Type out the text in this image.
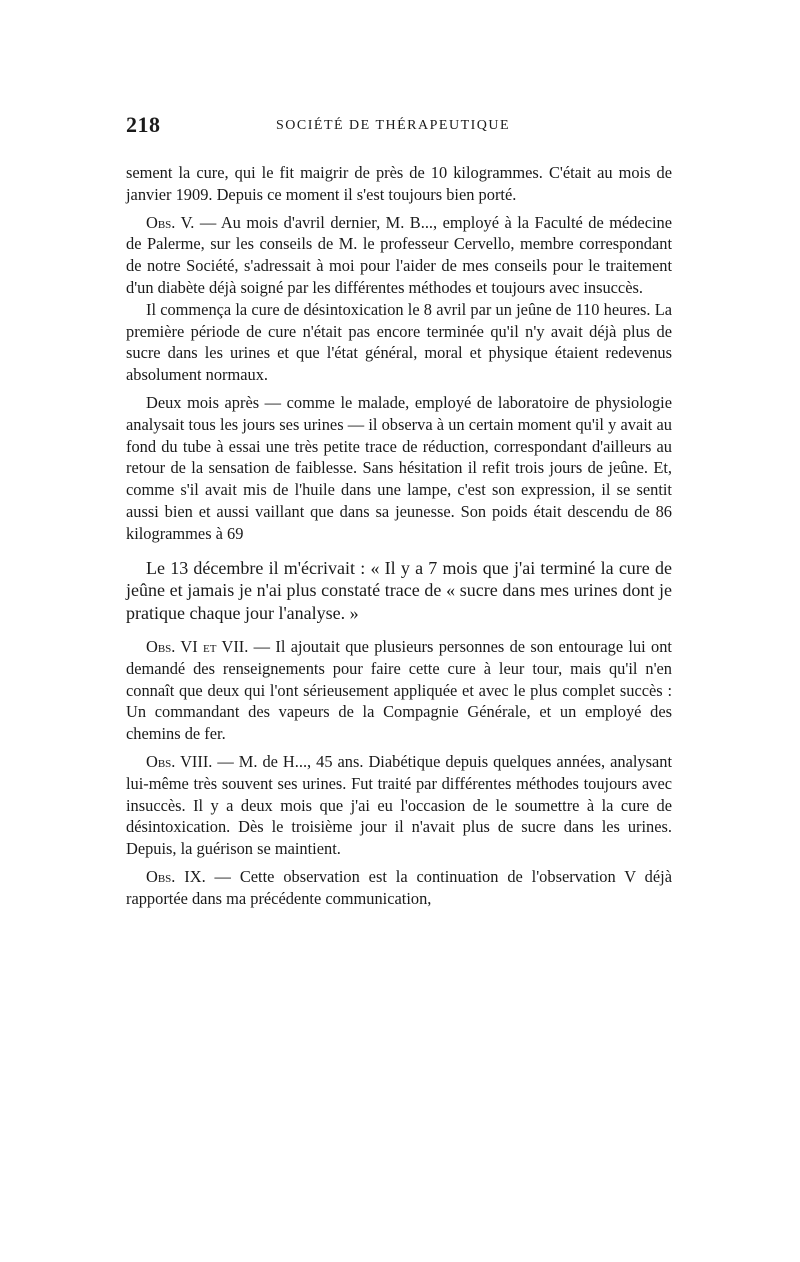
218	SOCIÉTÉ DE THÉRAPEUTIQUE

sement la cure, qui le fit maigrir de près de 10 kilogrammes. C'était au mois de janvier 1909. Depuis ce moment il s'est toujours bien porté.

Obs. V. — Au mois d'avril dernier, M. B..., employé à la Faculté de médecine de Palerme, sur les conseils de M. le professeur Cervello, membre correspondant de notre Société, s'adressait à moi pour l'aider de mes conseils pour le traitement d'un diabète déjà soigné par les différentes méthodes et toujours avec insuccès.

Il commença la cure de désintoxication le 8 avril par un jeûne de 110 heures. La première période de cure n'était pas encore terminée qu'il n'y avait déjà plus de sucre dans les urines et que l'état général, moral et physique étaient redevenus absolument normaux.

Deux mois après — comme le malade, employé de laboratoire de physiologie analysait tous les jours ses urines — il observa à un certain moment qu'il y avait au fond du tube à essai une très petite trace de réduction, correspondant d'ailleurs au retour de la sensation de faiblesse. Sans hésitation il refit trois jours de jeûne. Et, comme s'il avait mis de l'huile dans une lampe, c'est son expression, il se sentit aussi bien et aussi vaillant que dans sa jeunesse. Son poids était descendu de 86 kilogrammes à 69

Le 13 décembre il m'écrivait : « Il y a 7 mois que j'ai terminé la cure de jeûne et jamais je n'ai plus constaté trace de « sucre dans mes urines dont je pratique chaque jour l'analyse. »

Obs. VI et VII. — Il ajoutait que plusieurs personnes de son entourage lui ont demandé des renseignements pour faire cette cure à leur tour, mais qu'il n'en connaît que deux qui l'ont sérieusement appliquée et avec le plus complet succès : Un commandant des vapeurs de la Compagnie Générale, et un employé des chemins de fer.

Obs. VIII. — M. de H..., 45 ans. Diabétique depuis quelques années, analysant lui-même très souvent ses urines. Fut traité par différentes méthodes toujours avec insuccès. Il y a deux mois que j'ai eu l'occasion de le soumettre à la cure de désintoxication. Dès le troisième jour il n'avait plus de sucre dans les urines. Depuis, la guérison se maintient.

Obs. IX. — Cette observation est la continuation de l'observation V déjà rapportée dans ma précédente communication,
